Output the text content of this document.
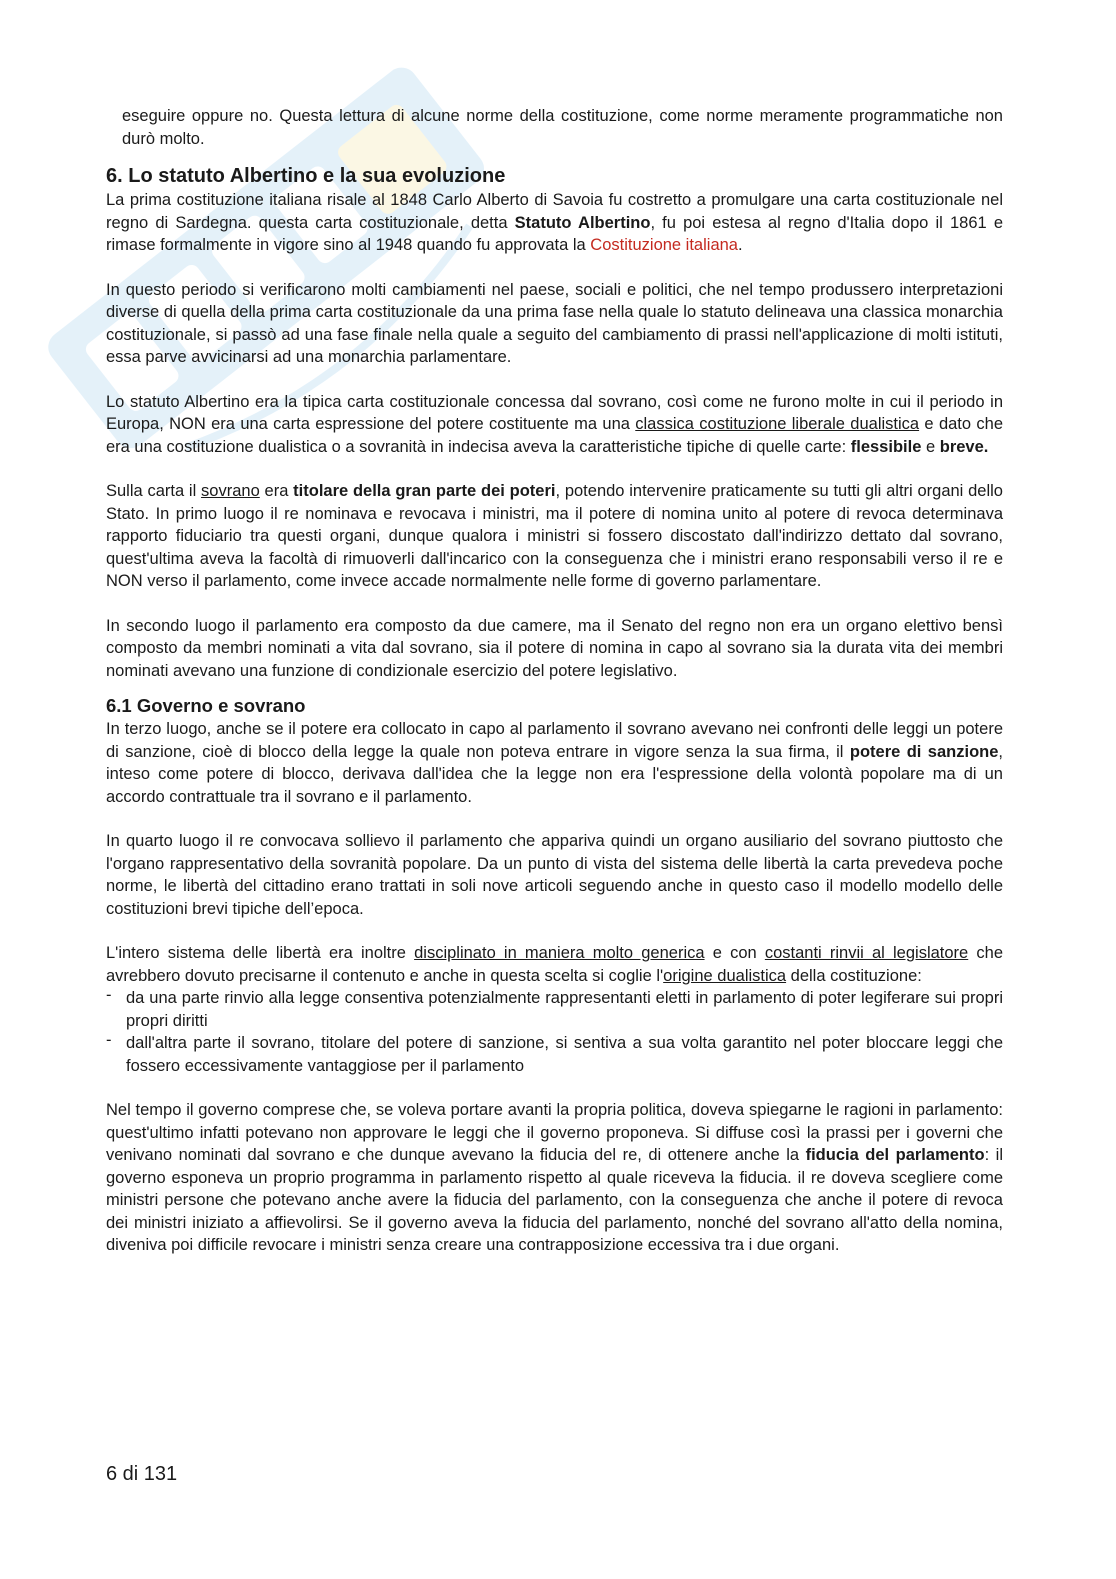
eseguire oppure no. Questa lettura di alcune norme della costituzione, come norme meramente programmatiche non durò molto.

6. Lo statuto Albertino e la sua evoluzione

La prima costituzione italiana risale al 1848 Carlo Alberto di Savoia fu costretto a promulgare una carta costituzionale nel regno di Sardegna. questa carta costituzionale, detta Statuto Albertino, fu poi estesa al regno d'Italia dopo il 1861 e rimase formalmente in vigore sino al 1948 quando fu approvata la Costituzione italiana.

In questo periodo si verificarono molti cambiamenti nel paese, sociali e politici, che nel tempo produssero interpretazioni diverse di quella della prima carta costituzionale da una prima fase nella quale lo statuto delineava una classica monarchia costituzionale, si passò ad una fase finale nella quale a seguito del cambiamento di prassi nell'applicazione di molti istituti, essa parve avvicinarsi ad una monarchia parlamentare.

Lo statuto Albertino era la tipica carta costituzionale concessa dal sovrano, così come ne furono molte in cui il periodo in Europa, NON era una carta espressione del potere costituente ma una classica costituzione liberale dualistica e dato che era una costituzione dualistica o a sovranità in indecisa aveva la caratteristiche tipiche di quelle carte: flessibile e breve.

Sulla carta il sovrano era titolare della gran parte dei poteri, potendo intervenire praticamente su tutti gli altri organi dello Stato. In primo luogo il re nominava e revocava i ministri, ma il potere di nomina unito al potere di revoca determinava rapporto fiduciario tra questi organi, dunque qualora i ministri si fossero discostato dall'indirizzo dettato dal sovrano, quest'ultima aveva la facoltà di rimuoverli dall'incarico con la conseguenza che i ministri erano responsabili verso il re e NON verso il parlamento, come invece accade normalmente nelle forme di governo parlamentare.

In secondo luogo il parlamento era composto da due camere, ma il Senato del regno non era un organo elettivo bensì composto da membri nominati a vita dal sovrano, sia il potere di nomina in capo al sovrano sia la durata vita dei membri nominati avevano una funzione di condizionale esercizio del potere legislativo.

6.1 Governo e sovrano

In terzo luogo, anche se il potere era collocato in capo al parlamento il sovrano avevano nei confronti delle leggi un potere di sanzione, cioè di blocco della legge la quale non poteva entrare in vigore senza la sua firma, il potere di sanzione, inteso come potere di blocco, derivava dall'idea che la legge non era l'espressione della volontà popolare ma di un accordo contrattuale tra il sovrano e il parlamento.

In quarto luogo il re convocava sollievo il parlamento che appariva quindi un organo ausiliario del sovrano piuttosto che l'organo rappresentativo della sovranità popolare. Da un punto di vista del sistema delle libertà la carta prevedeva poche norme, le libertà del cittadino erano trattati in soli nove articoli seguendo anche in questo caso il modello modello delle costituzioni brevi tipiche dell’epoca.

L'intero sistema delle libertà era inoltre disciplinato in maniera molto generica e con costanti rinvii al legislatore che avrebbero dovuto precisarne il contenuto e anche in questa scelta si coglie l'origine dualistica della costituzione:

- da una parte rinvio alla legge consentiva potenzialmente rappresentanti eletti in parlamento di poter legiferare sui propri propri diritti
- dall'altra parte il sovrano, titolare del potere di sanzione, si sentiva a sua volta garantito nel poter bloccare leggi che fossero eccessivamente vantaggiose per il parlamento

Nel tempo il governo comprese che, se voleva portare avanti la propria politica, doveva spiegarne le ragioni in parlamento: quest'ultimo infatti potevano non approvare le leggi che il governo proponeva. Si diffuse così la prassi per i governi che venivano nominati dal sovrano e che dunque avevano la fiducia del re, di ottenere anche la fiducia del parlamento: il governo esponeva un proprio programma in parlamento rispetto al quale riceveva la fiducia. il re doveva scegliere come ministri persone che potevano anche avere la fiducia del parlamento, con la conseguenza che anche il potere di revoca dei ministri iniziato a affievolirsi. Se il governo aveva la fiducia del parlamento, nonché del sovrano all'atto della nomina, diveniva poi difficile revocare i ministri senza creare una contrapposizione eccessiva tra i due organi.

6 di 131
